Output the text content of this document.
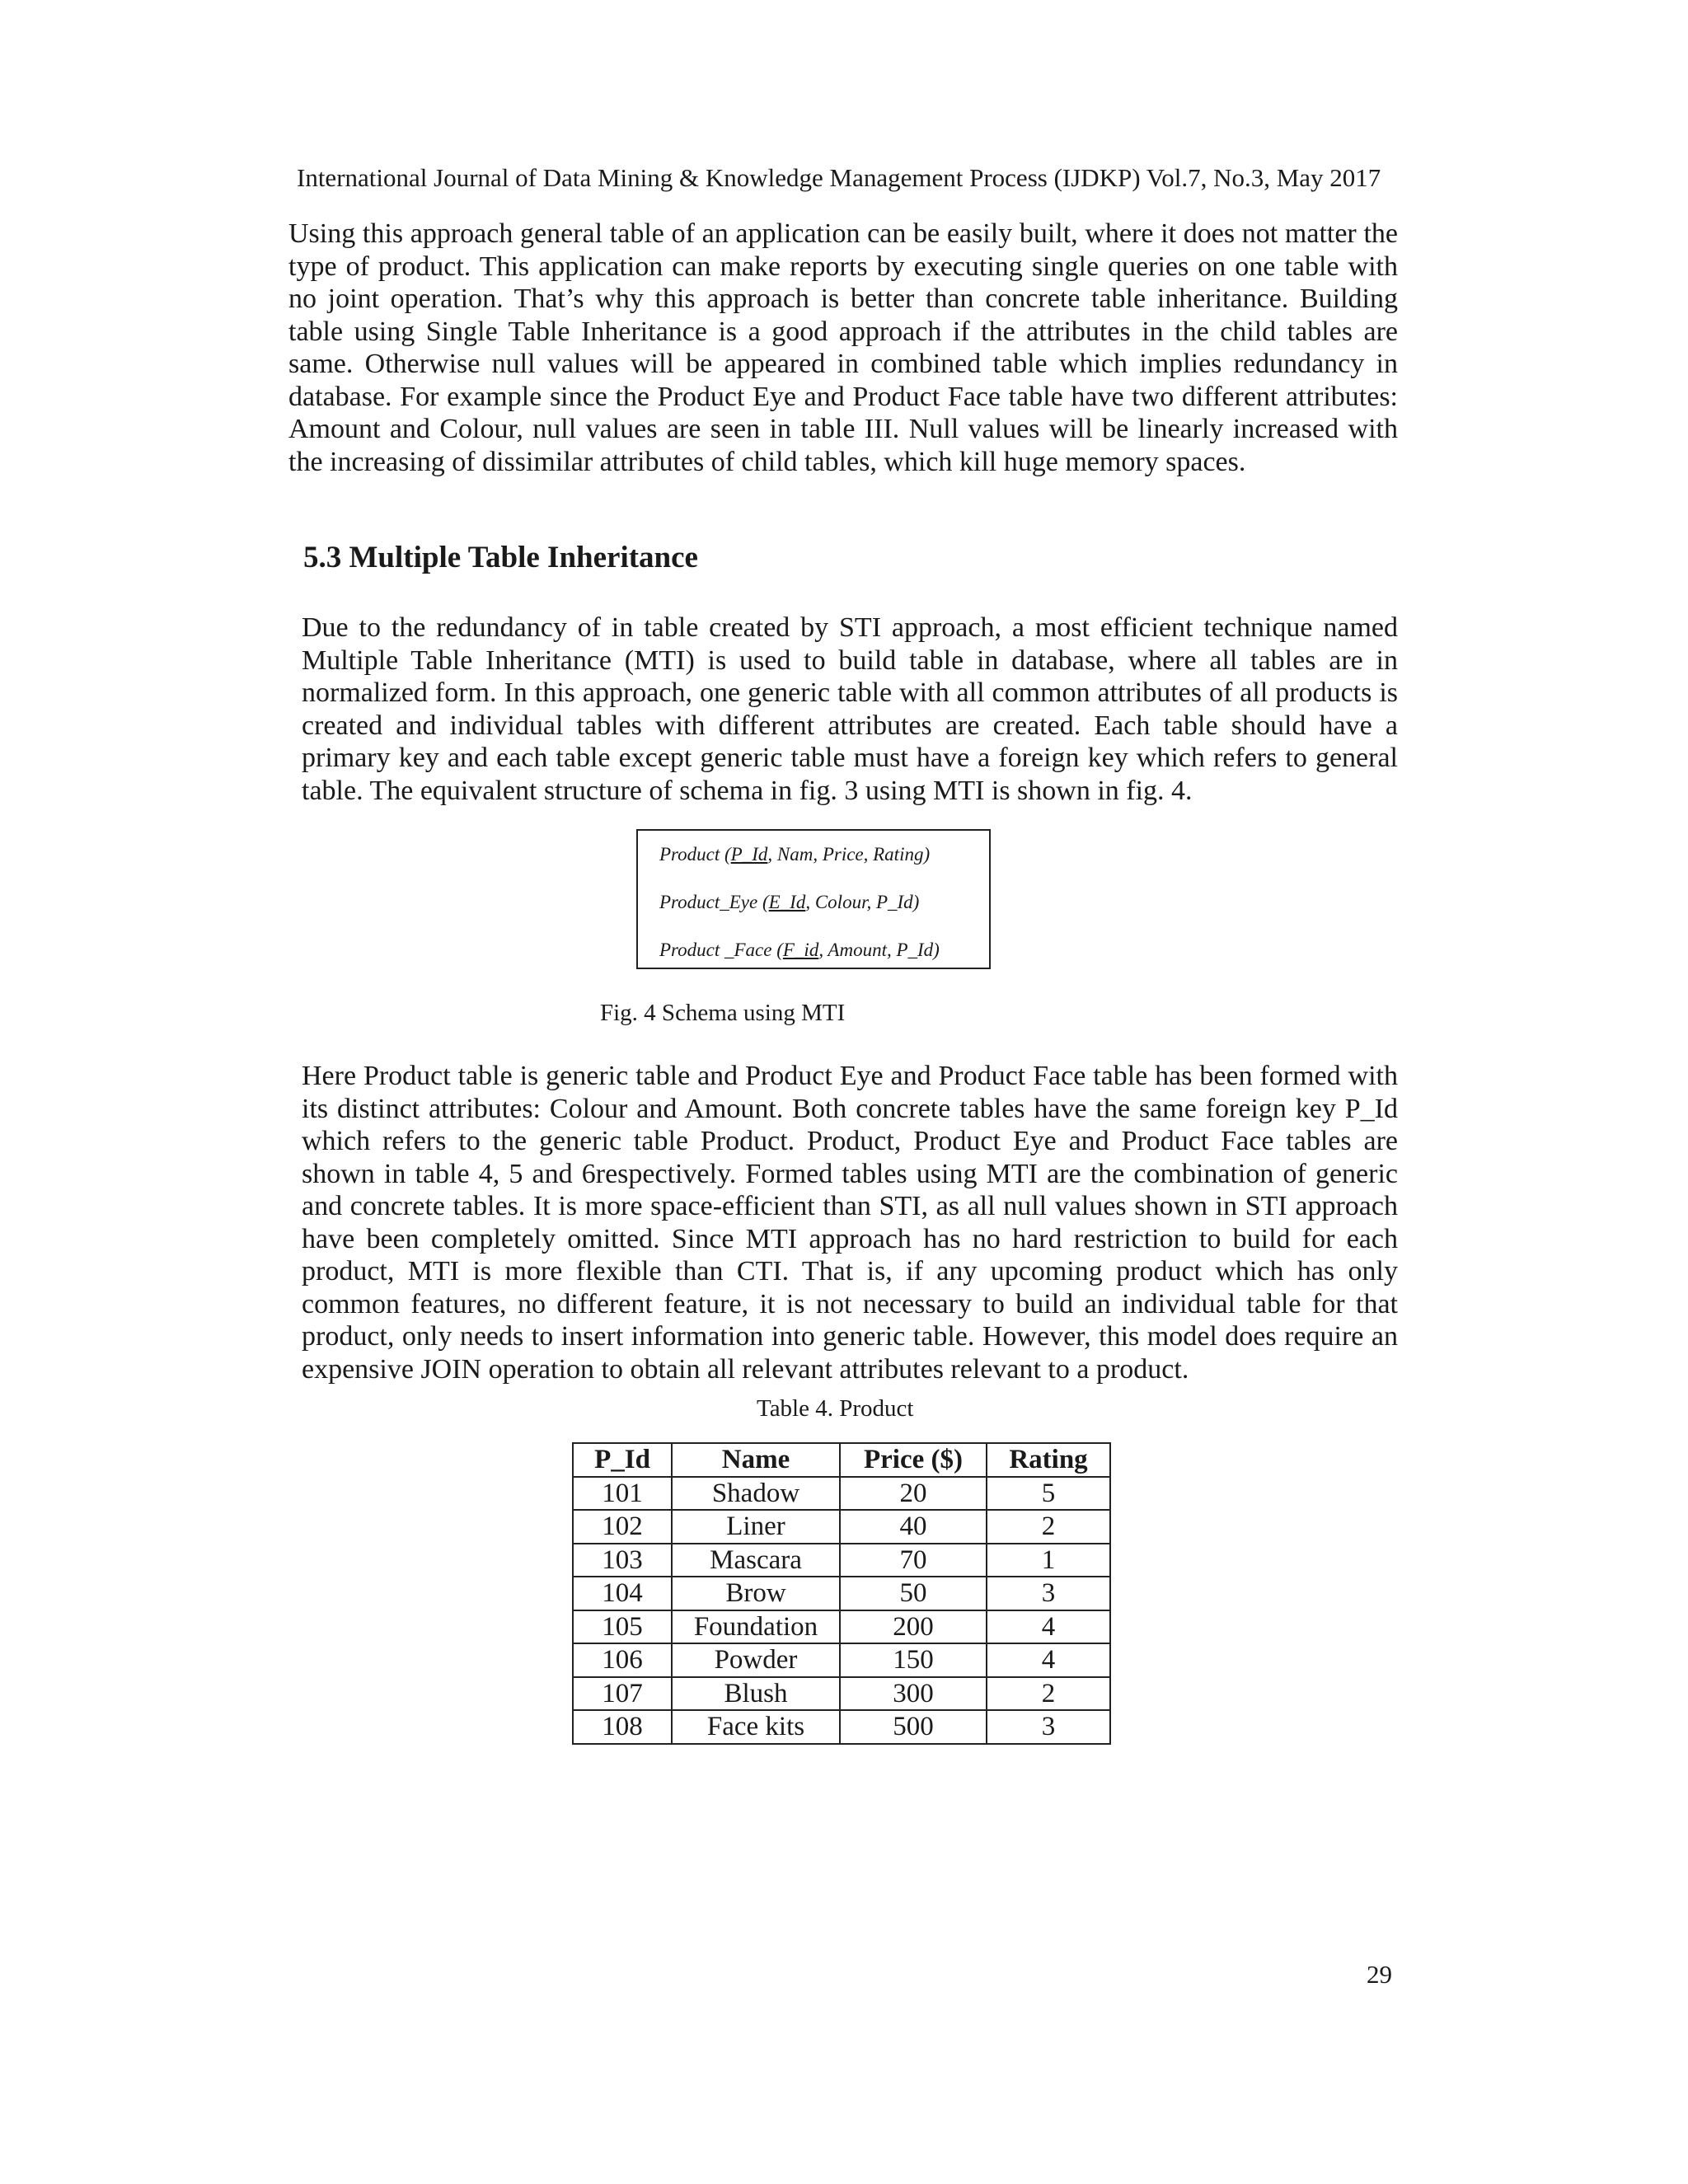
International Journal of Data Mining & Knowledge Management Process (IJDKP) Vol.7, No.3, May 2017

Using this approach general table of an application can be easily built, where it does not matter the type of product. This application can make reports by executing single queries on one table with no joint operation. That’s why this approach is better than concrete table inheritance. Building table using Single Table Inheritance is a good approach if the attributes in the child tables are same. Otherwise null values will be appeared in combined table which implies redundancy in database. For example since the Product Eye and Product Face table have two different attributes: Amount and Colour, null values are seen in table III. Null values will be linearly increased with the increasing of dissimilar attributes of child tables, which kill huge memory spaces.

5.3 Multiple Table Inheritance

Due to the redundancy of in table created by STI approach, a most efficient technique named Multiple Table Inheritance (MTI) is used to build table in database, where all tables are in normalized form. In this approach, one generic table with all common attributes of all products is created and individual tables with different attributes are created. Each table should have a primary key and each table except generic table must have a foreign key which refers to general table. The equivalent structure of schema in fig. 3 using MTI is shown in fig. 4.

Product (P_Id, Nam, Price, Rating)
Product_Eye (E_Id, Colour, P_Id)
Product _Face (F_id, Amount, P_Id)
Fig. 4 Schema using MTI

Here Product table is generic table and Product Eye and Product Face table has been formed with its distinct attributes: Colour and Amount. Both concrete tables have the same foreign key P_Id which refers to the generic table Product. Product, Product Eye and Product Face tables are shown in table 4, 5 and 6respectively. Formed tables using MTI are the combination of generic and concrete tables. It is more space-efficient than STI, as all null values shown in STI approach have been completely omitted. Since MTI approach has no hard restriction to build for each product, MTI is more flexible than CTI. That is, if any upcoming product which has only common features, no different feature, it is not necessary to build an individual table for that product, only needs to insert information into generic table. However, this model does require an expensive JOIN operation to obtain all relevant attributes relevant to a product.

Table 4. Product
P_Id	Name	Price ($)	Rating
101	Shadow	20	5
102	Liner	40	2
103	Mascara	70	1
104	Brow	50	3
105	Foundation	200	4
106	Powder	150	4
107	Blush	300	2
108	Face kits	500	3
29
